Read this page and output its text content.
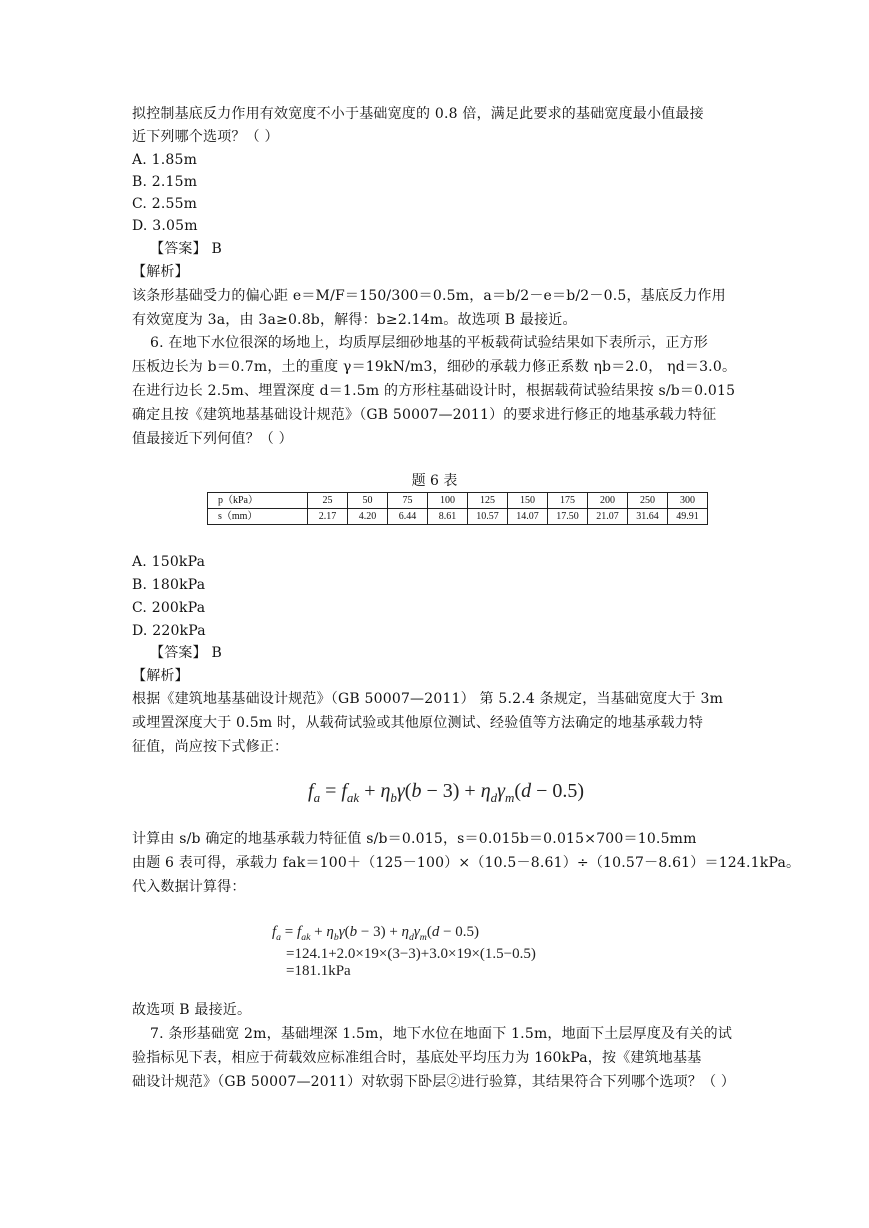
拟控制基底反力作用有效宽度不小于基础宽度的 0.8 倍，满足此要求的基础宽度最小值最接
近下列哪个选项？（ ）
A. 1.85m
B. 2.15m
C. 2.55m
D. 3.05m
【答案】 B
【解析】
该条形基础受力的偏心距 e＝M/F＝150/300＝0.5m，a＝b/2－e＝b/2－0.5，基底反力作用
有效宽度为 3a，由 3a≥0.8b，解得：b≥2.14m。故选项 B 最接近。
6. 在地下水位很深的场地上，均质厚层细砂地基的平板载荷试验结果如下表所示，正方形
压板边长为 b＝0.7m，土的重度 γ＝19kN/m3，细砂的承载力修正系数 ηb＝2.0， ηd＝3.0。
在进行边长 2.5m、埋置深度 d＝1.5m 的方形柱基础设计时，根据载荷试验结果按 s/b＝0.015
确定且按《建筑地基基础设计规范》（GB 50007—2011）的要求进行修正的地基承载力特征
值最接近下列何值？（ ）
题 6 表
p（kPa）	25	50	75	100	125	150	175	200	250	300
s（mm）	2.17	4.20	6.44	8.61	10.57	14.07	17.50	21.07	31.64	49.91
A. 150kPa
B. 180kPa
C. 200kPa
D. 220kPa
【答案】 B
【解析】
根据《建筑地基基础设计规范》（GB 50007—2011） 第 5.2.4 条规定，当基础宽度大于 3m
或埋置深度大于 0.5m 时，从载荷试验或其他原位测试、经验值等方法确定的地基承载力特
征值，尚应按下式修正：
$f_a = f_{ak} + \eta_b\gamma(b - 3) + \eta_d\gamma_m(d - 0.5)$
计算由 s/b 确定的地基承载力特征值 s/b＝0.015，s＝0.015b＝0.015×700＝10.5mm
由题 6 表可得，承载力 fak＝100＋（125－100）×（10.5－8.61）÷（10.57－8.61）＝124.1kPa。
代入数据计算得：
$f_a = f_{ak} + \eta_b\gamma(b - 3) + \eta_d\gamma_m(d - 0.5)$
=124.1+2.0×19×(3−3)+3.0×19×(1.5−0.5)
=181.1kPa
故选项 B 最接近。
7. 条形基础宽 2m，基础埋深 1.5m，地下水位在地面下 1.5m，地面下土层厚度及有关的试
验指标见下表，相应于荷载效应标准组合时，基底处平均压力为 160kPa，按《建筑地基基
础设计规范》（GB 50007—2011）对软弱下卧层②进行验算，其结果符合下列哪个选项？（ ）
